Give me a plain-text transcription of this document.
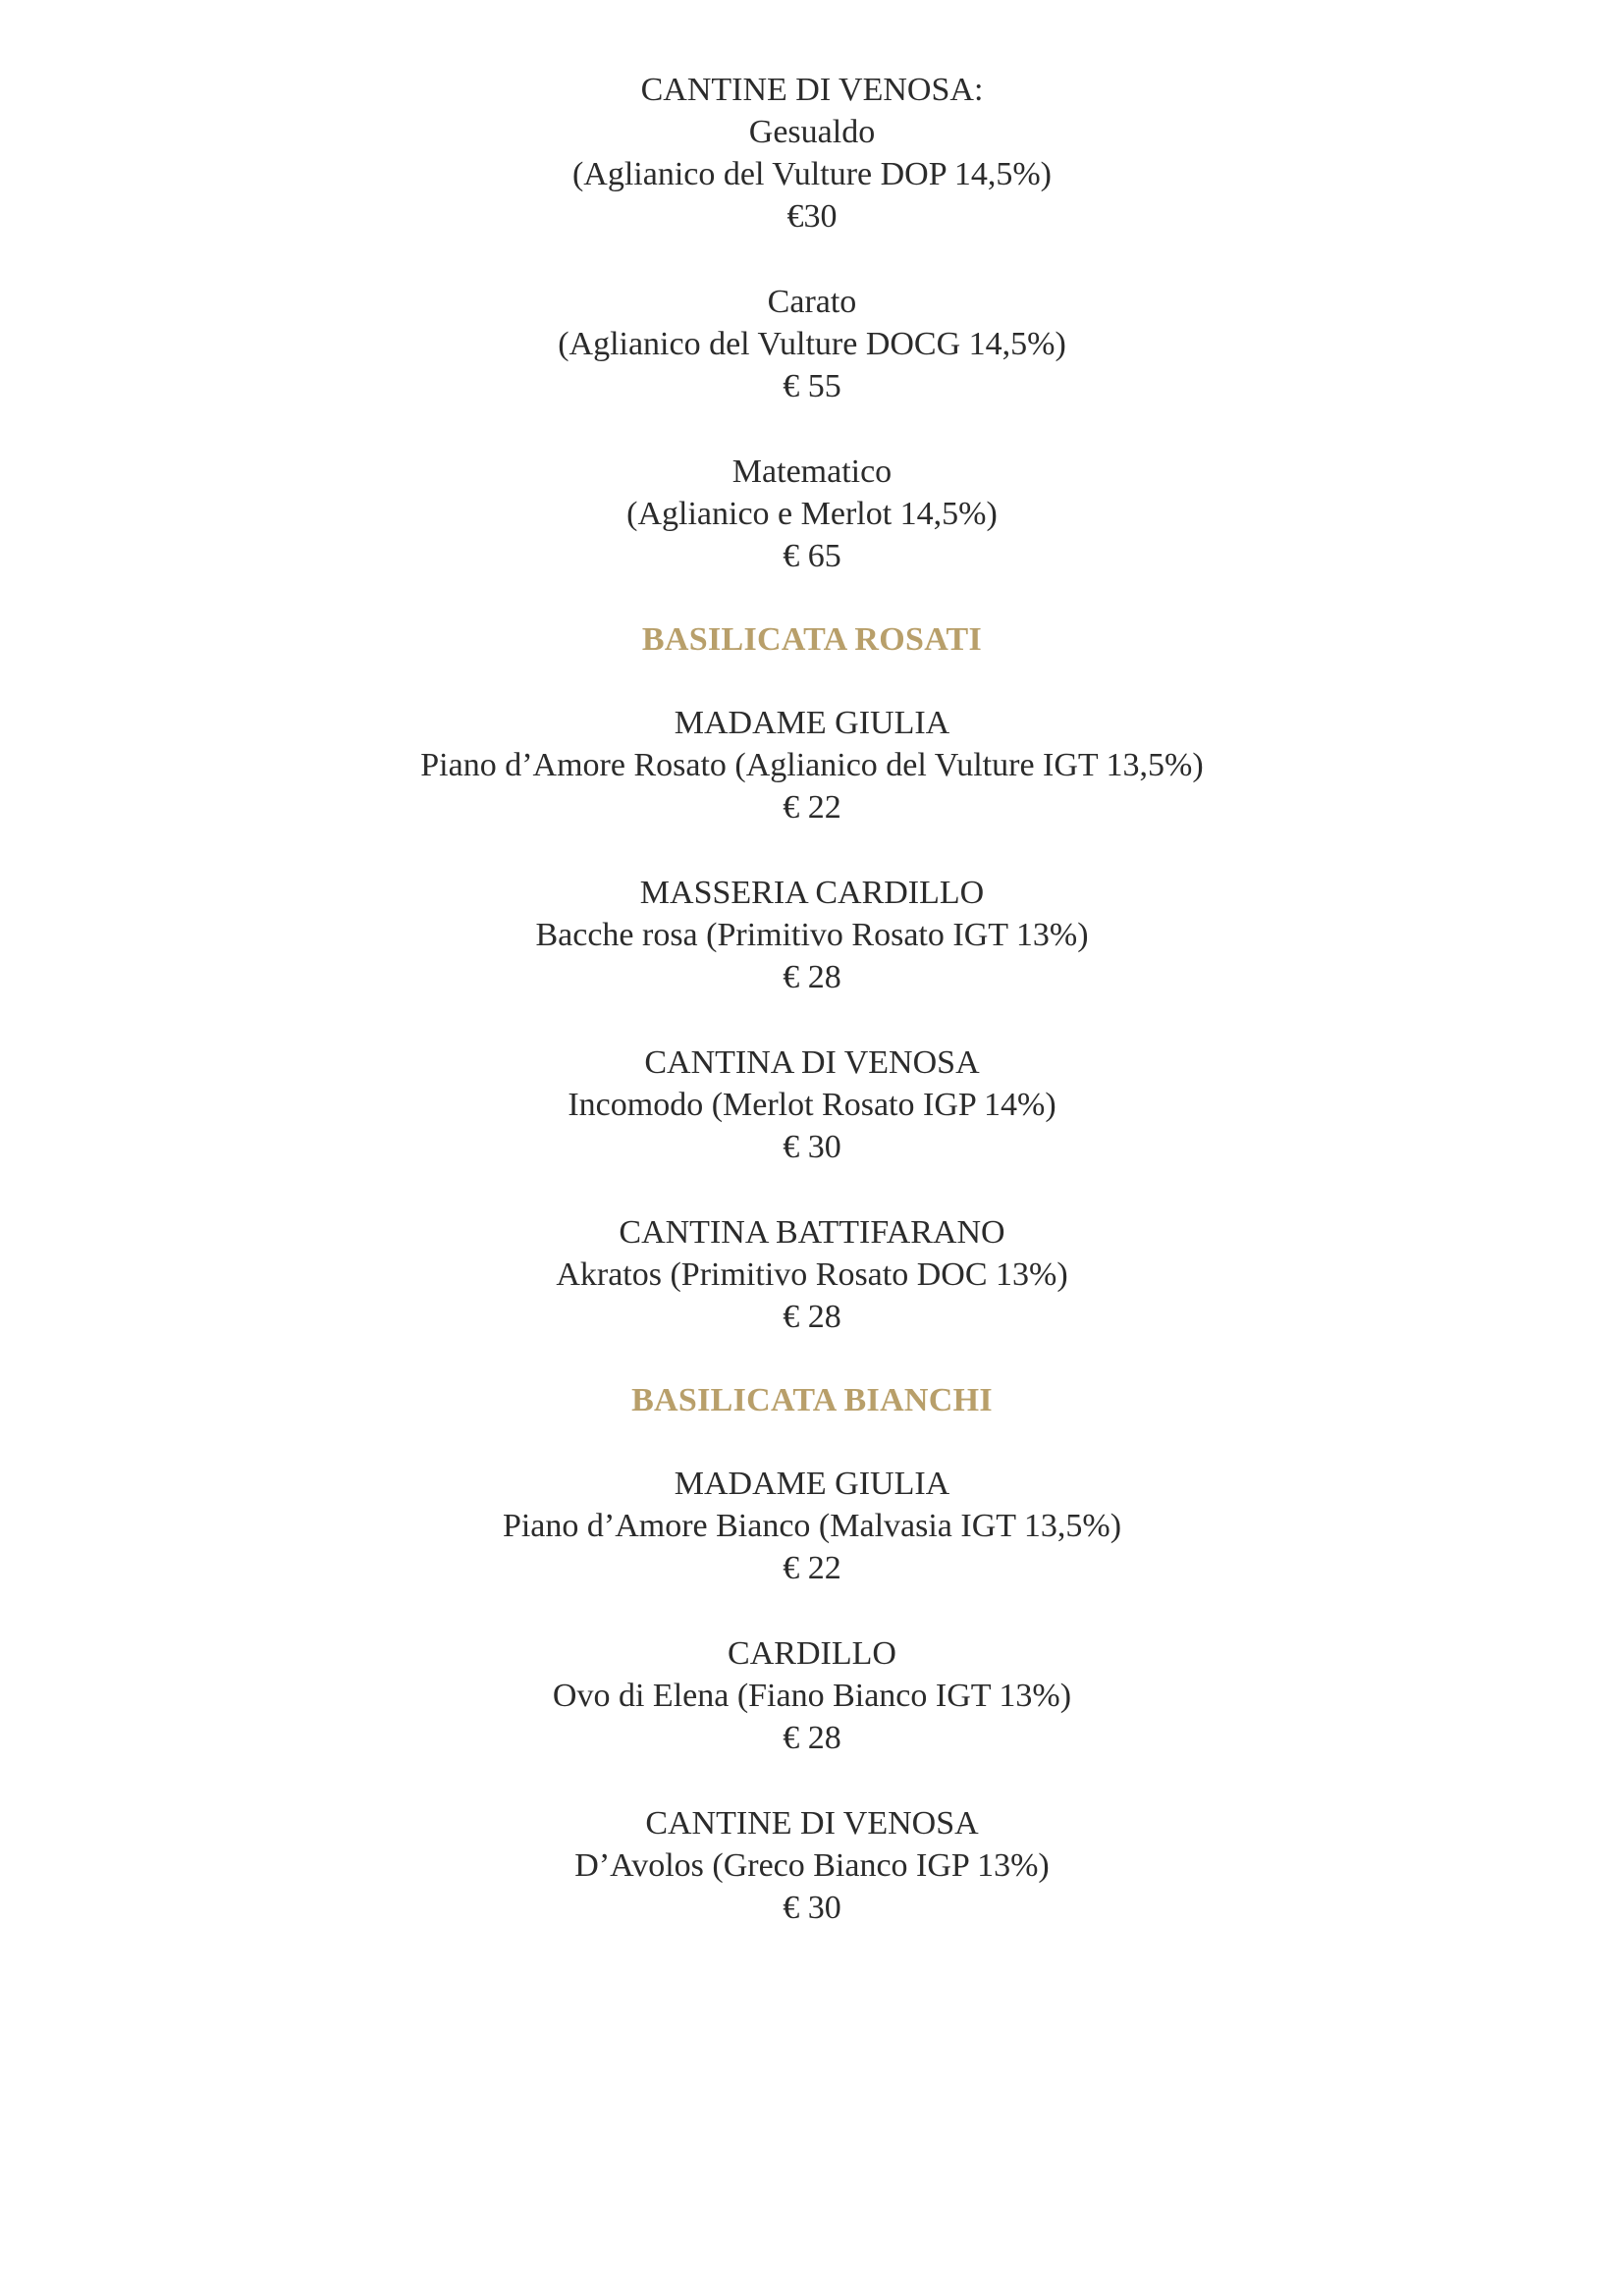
CANTINE DI VENOSA:
Gesualdo
(Aglianico del Vulture DOP 14,5%)
€30
Carato
(Aglianico del Vulture DOCG 14,5%)
€ 55
Matematico
(Aglianico e Merlot 14,5%)
€ 65
BASILICATA ROSATI
MADAME GIULIA
Piano d’Amore Rosato (Aglianico del Vulture IGT 13,5%)
€ 22
MASSERIA CARDILLO
Bacche rosa (Primitivo Rosato IGT 13%)
€ 28
CANTINA DI VENOSA
Incomodo (Merlot Rosato IGP 14%)
€ 30
CANTINA BATTIFARANO
Akratos (Primitivo Rosato DOC 13%)
€ 28
BASILICATA BIANCHI
MADAME GIULIA
Piano d’Amore Bianco (Malvasia IGT 13,5%)
€ 22
CARDILLO
Ovo di Elena (Fiano Bianco IGT 13%)
€ 28
CANTINE DI VENOSA
D’Avolos (Greco Bianco IGP 13%)
€ 30
